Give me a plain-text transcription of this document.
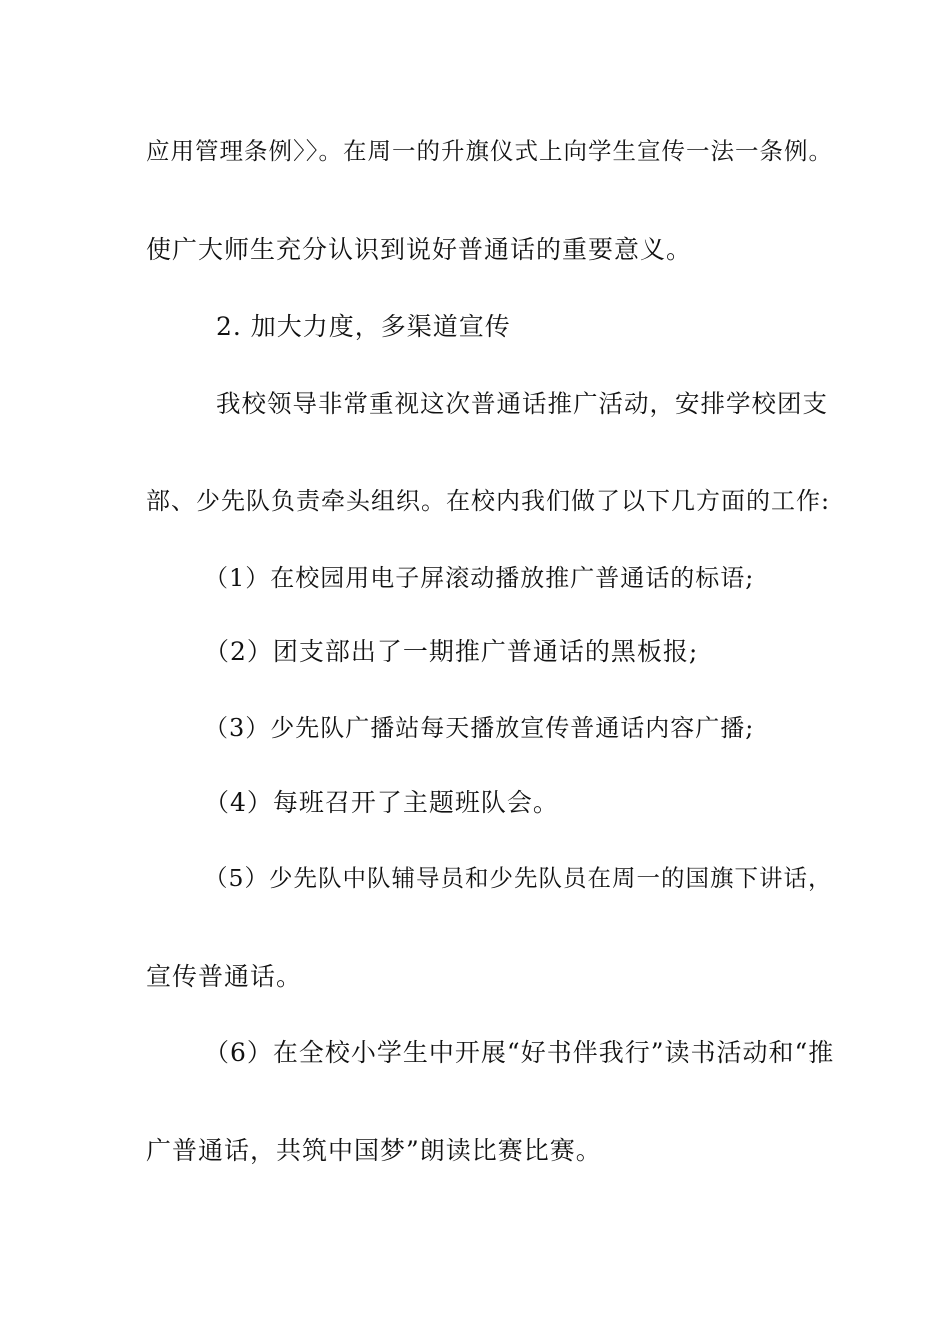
应用管理条例〉〉。在周一的升旗仪式上向学生宣传一法一条例。
使广大师生充分认识到说好普通话的重要意义。
2. 加大力度，多渠道宣传
我校领导非常重视这次普通话推广活动，安排学校团支
部、少先队负责牵头组织。在校内我们做了以下几方面的工作:
（1）在校园用电子屏滚动播放推广普通话的标语;
（2）团支部出了一期推广普通话的黑板报;
（3）少先队广播站每天播放宣传普通话内容广播;
（4）每班召开了主题班队会。
（5）少先队中队辅导员和少先队员在周一的国旗下讲话，
宣传普通话。
（6）在全校小学生中开展“好书伴我行”读书活动和“推
广普通话，共筑中国梦”朗读比赛比赛。
